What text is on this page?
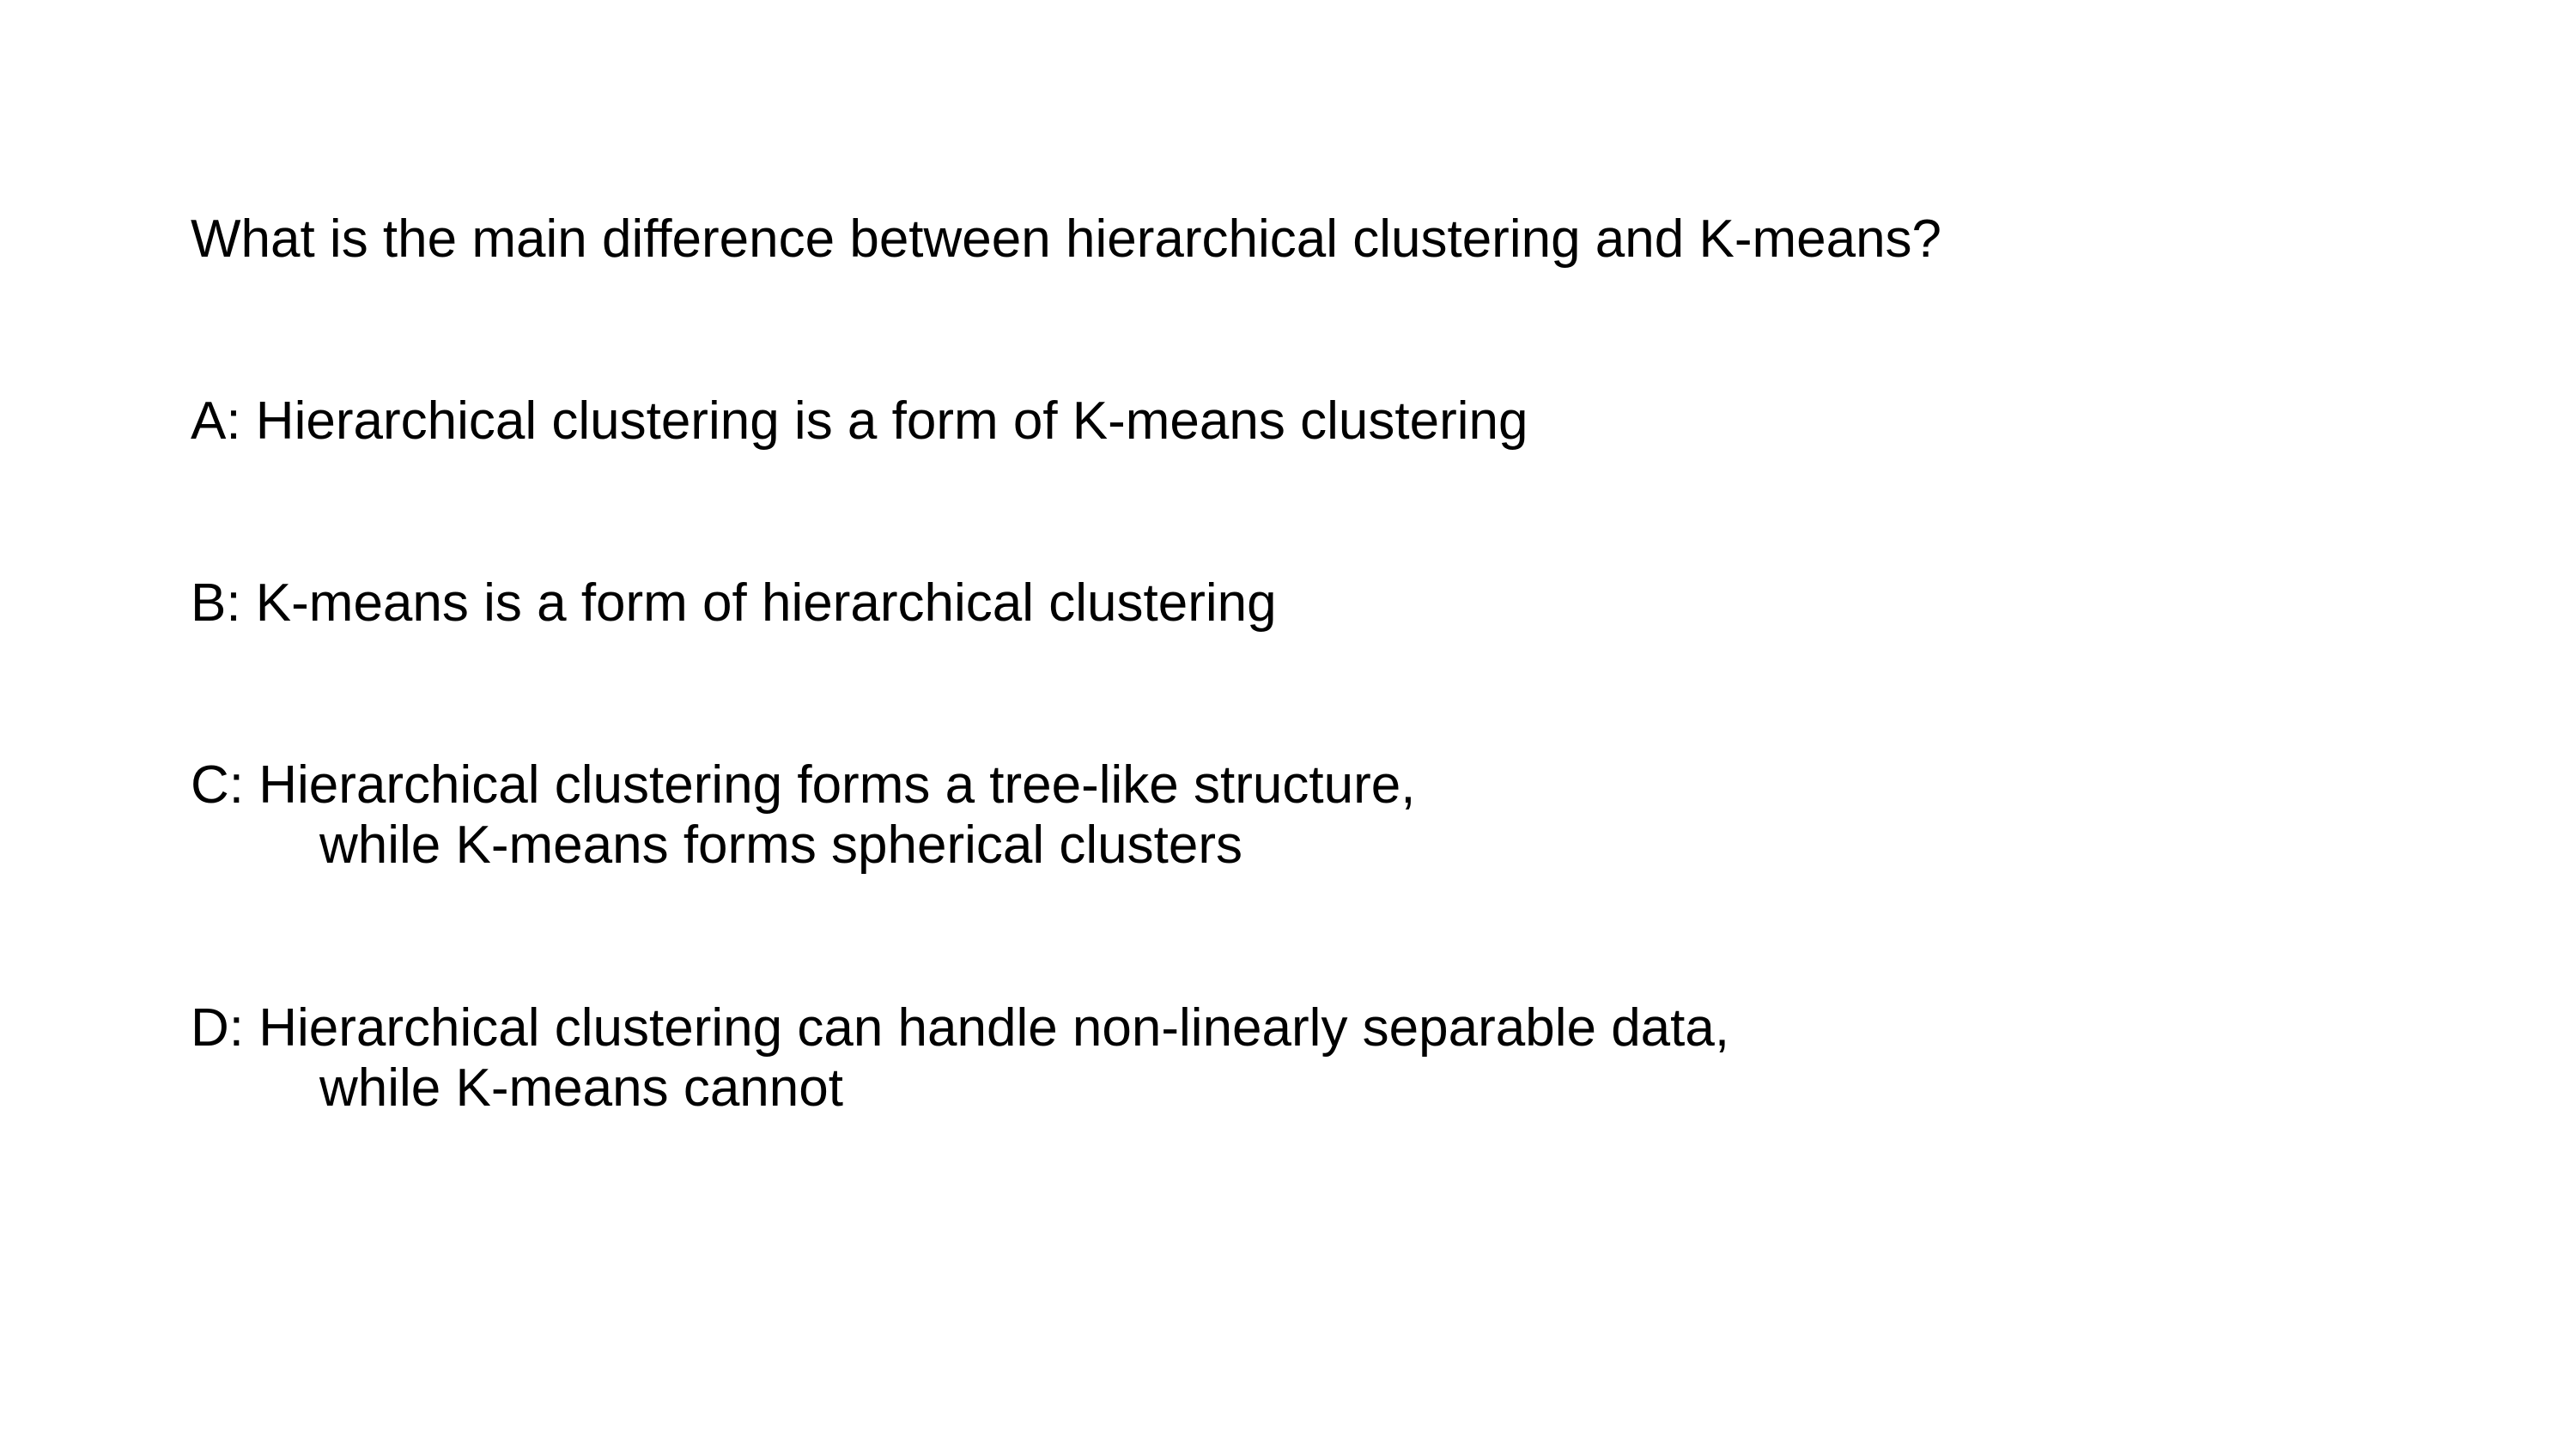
What is the main difference between hierarchical clustering and K-means?
A: Hierarchical clustering is a form of K-means clustering
B: K-means is a form of hierarchical clustering
C: Hierarchical clustering forms a tree-like structure,
while K-means forms spherical clusters
D: Hierarchical clustering can handle non-linearly separable data,
while K-means cannot
